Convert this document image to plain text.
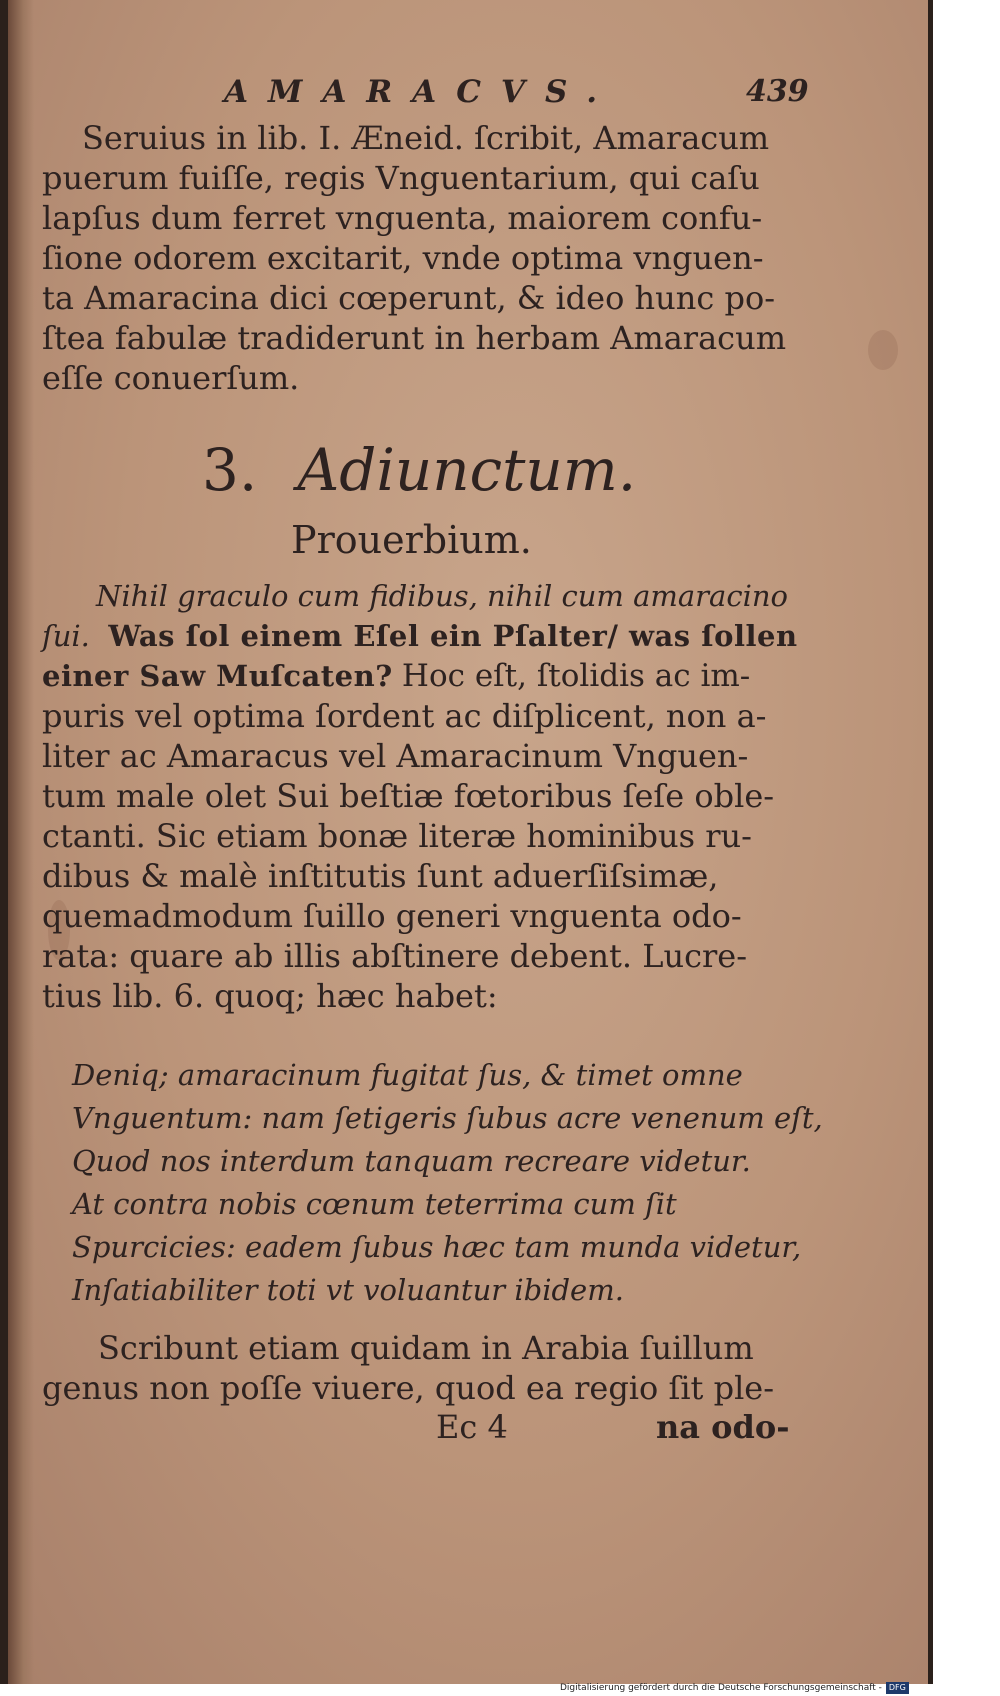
AMARACVS.	439
Seruius in lib. I. Æneid. ſcribit, Amaracum
puerum fuiſſe, regis Vnguentarium, qui caſu
lapſus dum ferret vnguenta, maiorem confu-
ſione odorem excitarit, vnde optima vnguen-
ta Amaracina dici cœperunt, & ideo hunc po-
ſtea fabulæ tradiderunt in herbam Amaracum
eſſe conuerſum.
3. Adiunctum.
Prouerbium.
Nihil graculo cum fidibus, nihil cum amaracino
ſui. Was ſol einem Eſel ein Pſalter/ was ſollen
einer Saw Muſcaten? Hoc eſt, ſtolidis ac im-
puris vel optima ſordent ac diſplicent, non a-
liter ac Amaracus vel Amaracinum Vnguen-
tum male olet Sui beſtiæ fœtoribus ſeſe oble-
ctanti. Sic etiam bonæ literæ hominibus ru-
dibus & malè inſtitutis ſunt aduerſiſsimæ,
quemadmodum ſuillo generi vnguenta odo-
rata: quare ab illis abſtinere debent. Lucre-
tius lib. 6. quoq; hæc habet:
Deniq; amaracinum fugitat ſus, & timet omne
Vnguentum: nam ſetigeris ſubus acre venenum eſt,
Quod nos interdum tanquam recreare videtur.
At contra nobis cœnum teterrima cum ſit
Spurcicies: eadem ſubus hæc tam munda videtur,
Inſatiabiliter toti vt voluantur ibidem.
Scribunt etiam quidam in Arabia ſuillum
genus non poſſe viuere, quod ea regio ſit ple-
Ec 4	na odo-
Digitalisierung gefördert durch die Deutsche Forschungsgemeinschaft - DFG
